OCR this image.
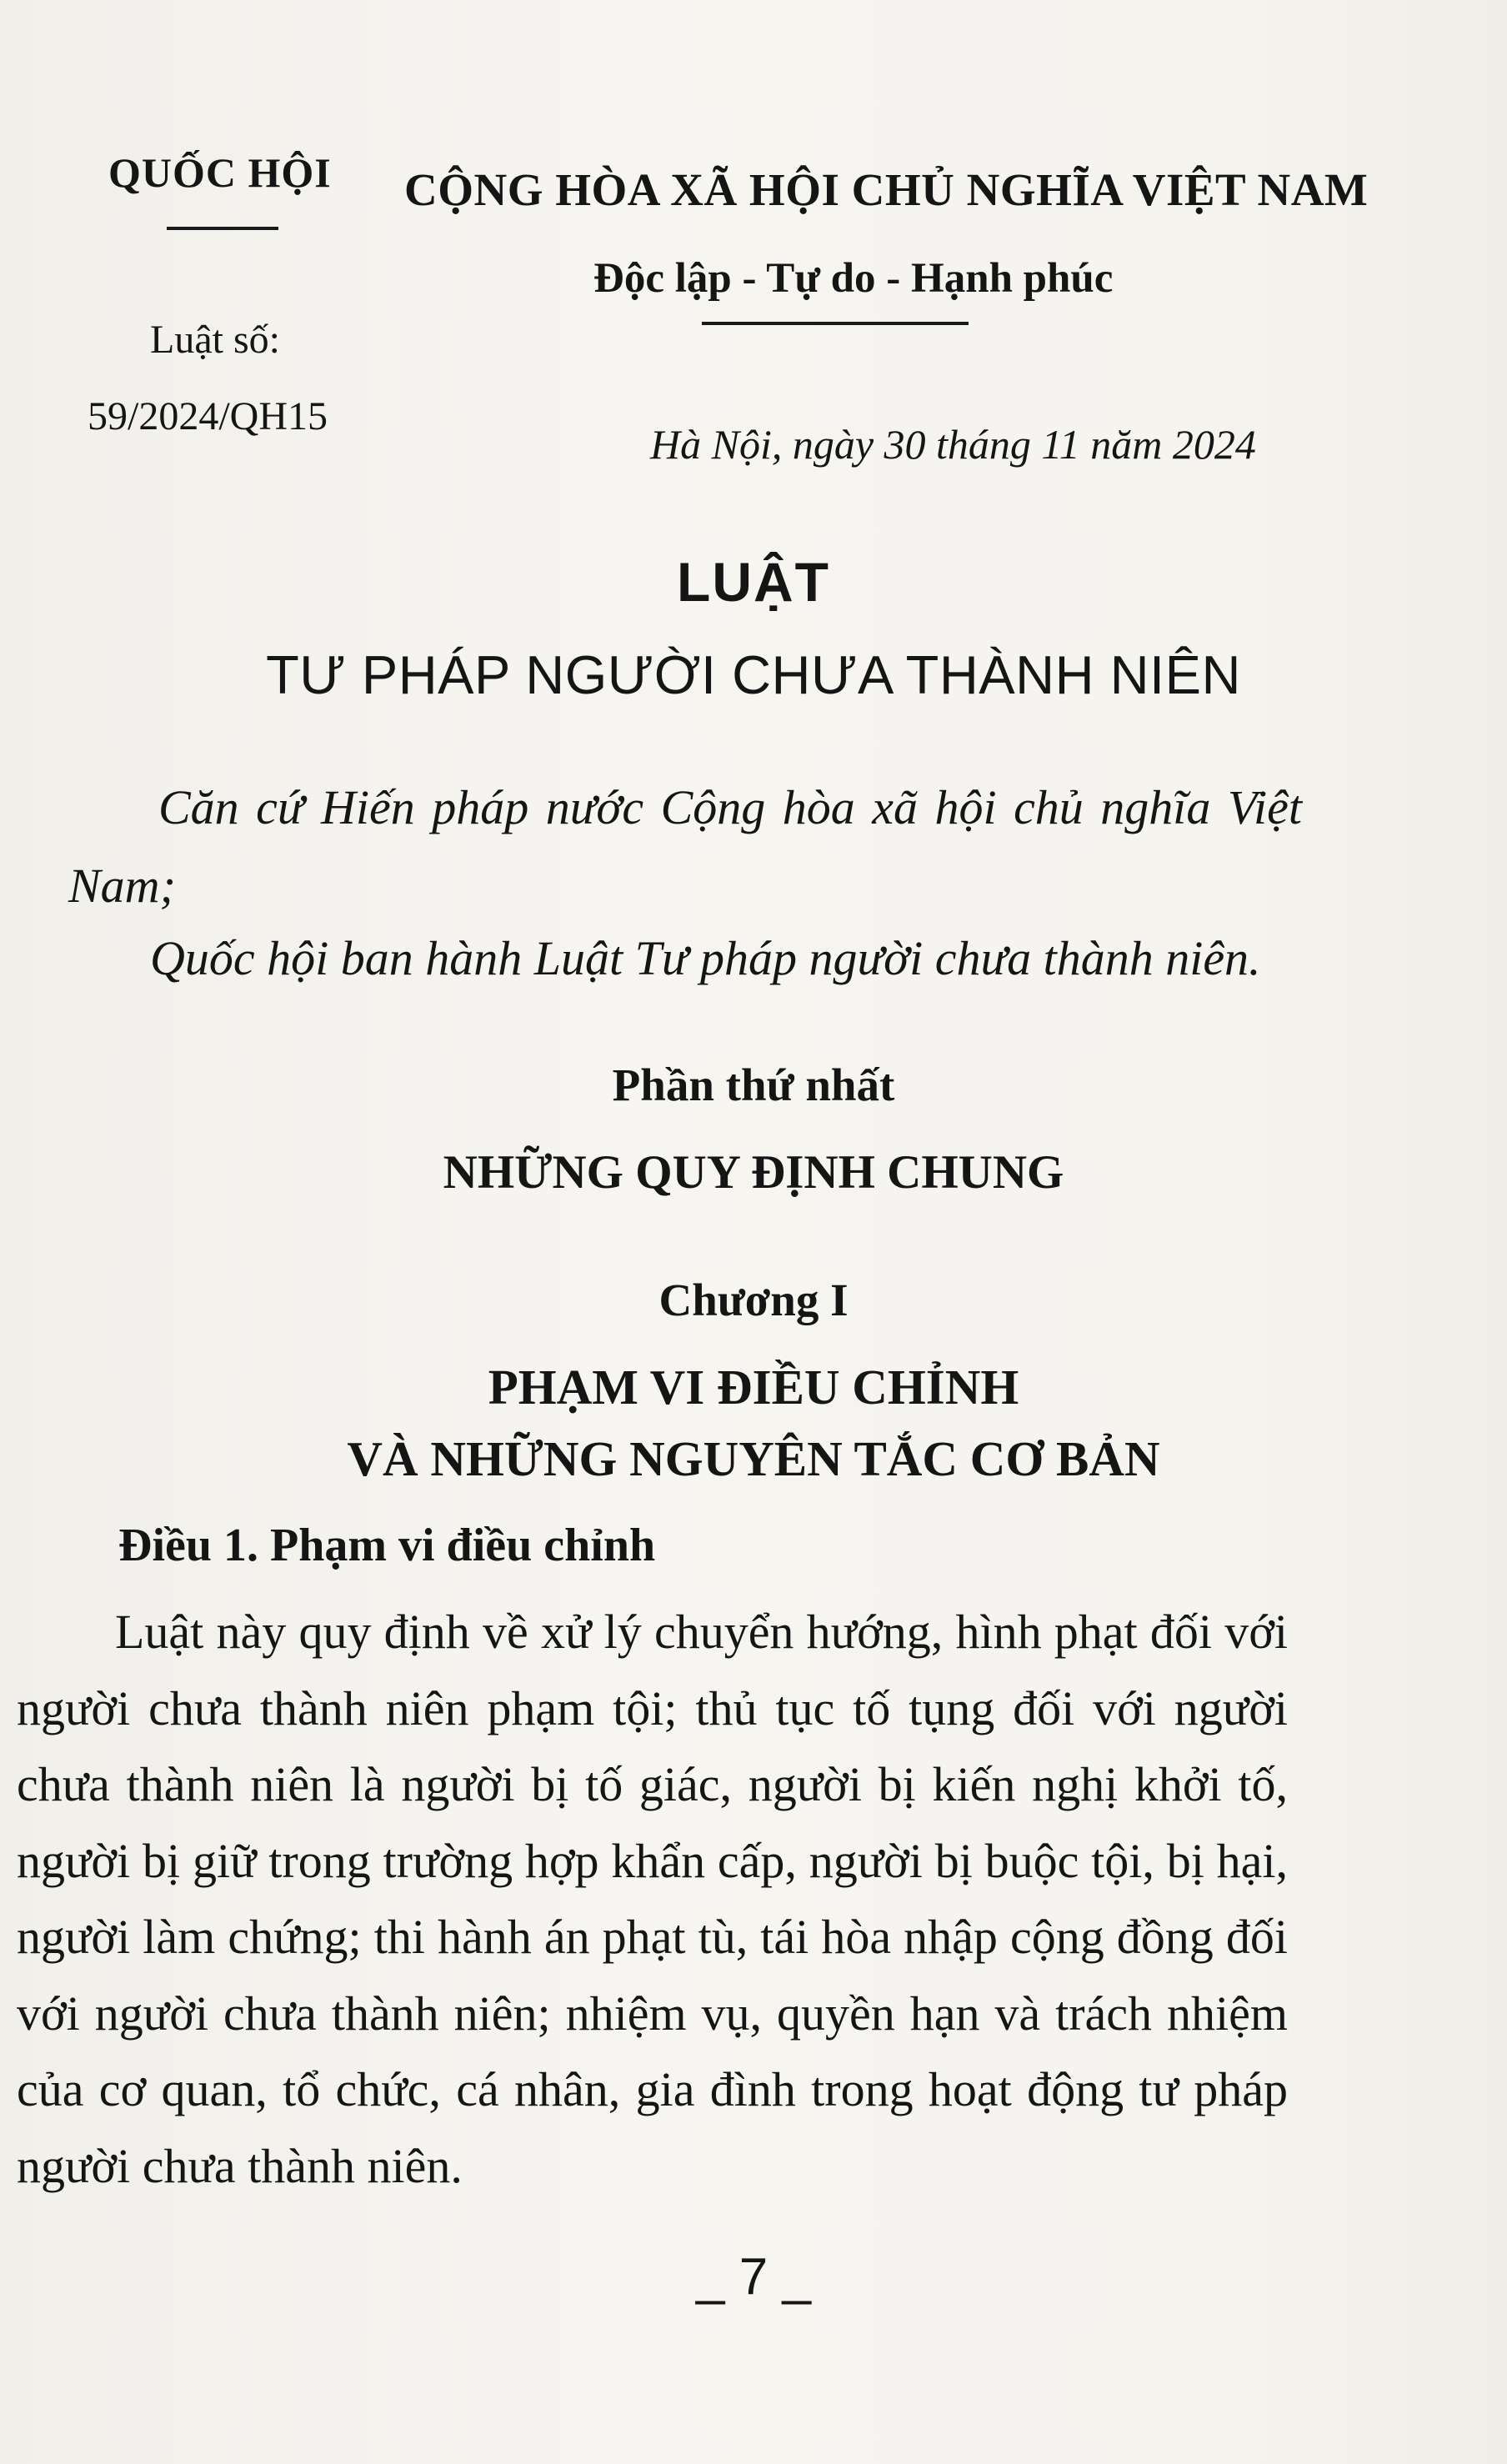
QUỐC HỘI
Luật số:
59/2024/QH15
CỘNG HÒA XÃ HỘI CHỦ NGHĨA VIỆT NAM
Độc lập - Tự do - Hạnh phúc
Hà Nội, ngày 30 tháng 11 năm 2024
LUẬT
TƯ PHÁP NGƯỜI CHƯA THÀNH NIÊN
Căn cứ Hiến pháp nước Cộng hòa xã hội chủ nghĩa Việt Nam;
Quốc hội ban hành Luật Tư pháp người chưa thành niên.
Phần thứ nhất
NHỮNG QUY ĐỊNH CHUNG
Chương I
PHẠM VI ĐIỀU CHỈNH
VÀ NHỮNG NGUYÊN TẮC CƠ BẢN
Điều 1. Phạm vi điều chỉnh
Luật này quy định về xử lý chuyển hướng, hình phạt đối với người chưa thành niên phạm tội; thủ tục tố tụng đối với người chưa thành niên là người bị tố giác, người bị kiến nghị khởi tố, người bị giữ trong trường hợp khẩn cấp, người bị buộc tội, bị hại, người làm chứng; thi hành án phạt tù, tái hòa nhập cộng đồng đối với người chưa thành niên; nhiệm vụ, quyền hạn và trách nhiệm của cơ quan, tổ chức, cá nhân, gia đình trong hoạt động tư pháp người chưa thành niên.
_ 7 _
